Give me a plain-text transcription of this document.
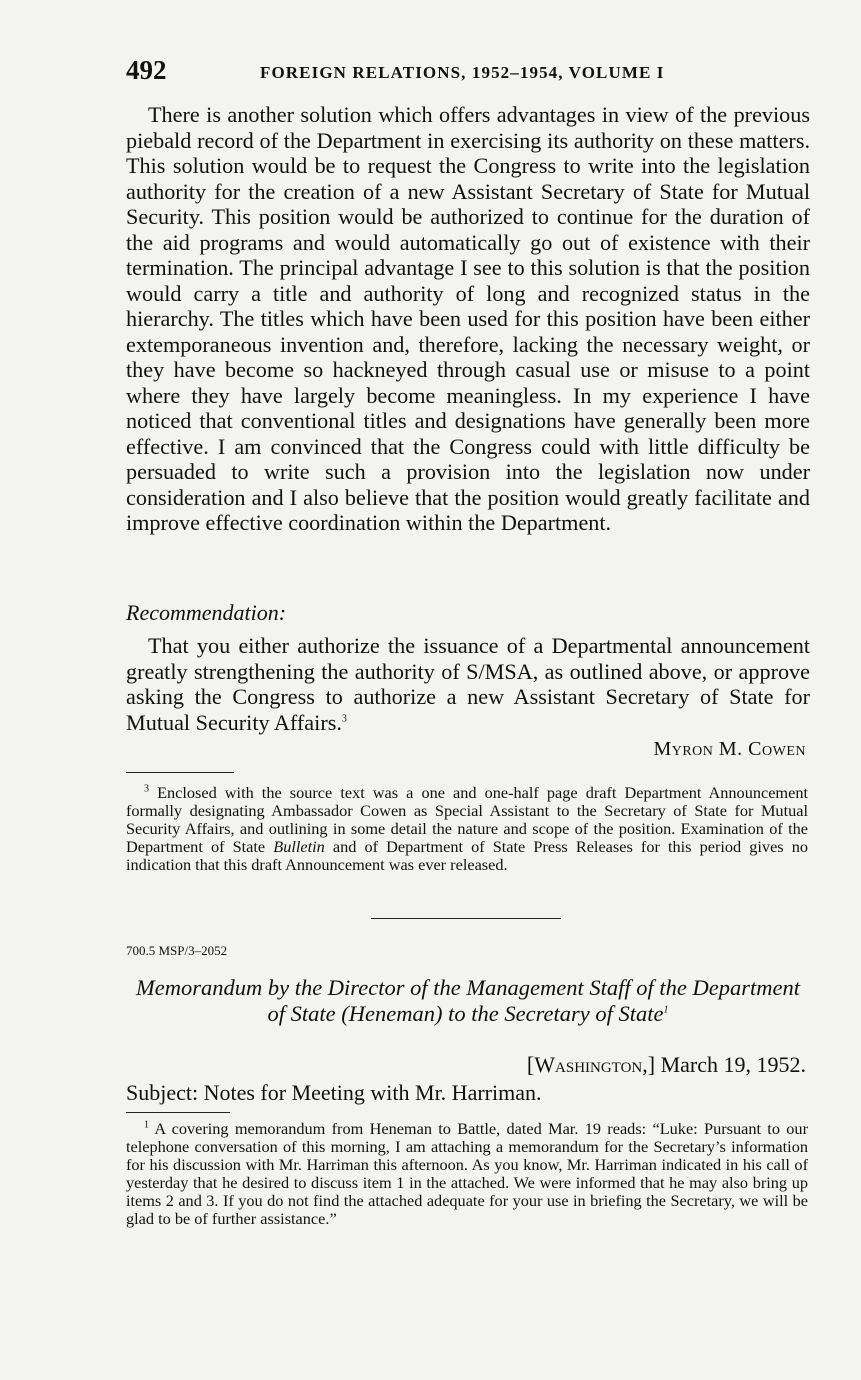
492	FOREIGN RELATIONS, 1952–1954, VOLUME I

There is another solution which offers advantages in view of the previous piebald record of the Department in exercising its authority on these matters. This solution would be to request the Congress to write into the legislation authority for the creation of a new Assistant Secretary of State for Mutual Security. This position would be authorized to continue for the duration of the aid programs and would automatically go out of existence with their termination. The principal advantage I see to this solution is that the position would carry a title and authority of long and recognized status in the hierarchy. The titles which have been used for this position have been either extemporaneous invention and, therefore, lacking the necessary weight, or they have become so hackneyed through casual use or misuse to a point where they have largely become meaningless. In my experience I have noticed that conventional titles and designations have generally been more effective. I am convinced that the Congress could with little difficulty be persuaded to write such a provision into the legislation now under consideration and I also believe that the position would greatly facilitate and improve effective coordination within the Department.

Recommendation:

That you either authorize the issuance of a Departmental announcement greatly strengthening the authority of S/MSA, as outlined above, or approve asking the Congress to authorize a new Assistant Secretary of State for Mutual Security Affairs.$^3$

Myron M. Cowen

$^3$ Enclosed with the source text was a one and one-half page draft Department Announcement formally designating Ambassador Cowen as Special Assistant to the Secretary of State for Mutual Security Affairs, and outlining in some detail the nature and scope of the position. Examination of the Department of State Bulletin and of Department of State Press Releases for this period gives no indication that this draft Announcement was ever released.

700.5 MSP/3–2052
Memorandum by the Director of the Management Staff of the Department of State (Heneman) to the Secretary of State$^1$
[Washington,] March 19, 1952.
Subject: Notes for Meeting with Mr. Harriman.

$^1$ A covering memorandum from Heneman to Battle, dated Mar. 19 reads: “Luke: Pursuant to our telephone conversation of this morning, I am attaching a memorandum for the Secretary’s information for his discussion with Mr. Harriman this afternoon. As you know, Mr. Harriman indicated in his call of yesterday that he desired to discuss item 1 in the attached. We were informed that he may also bring up items 2 and 3. If you do not find the attached adequate for your use in briefing the Secretary, we will be glad to be of further assistance.”
